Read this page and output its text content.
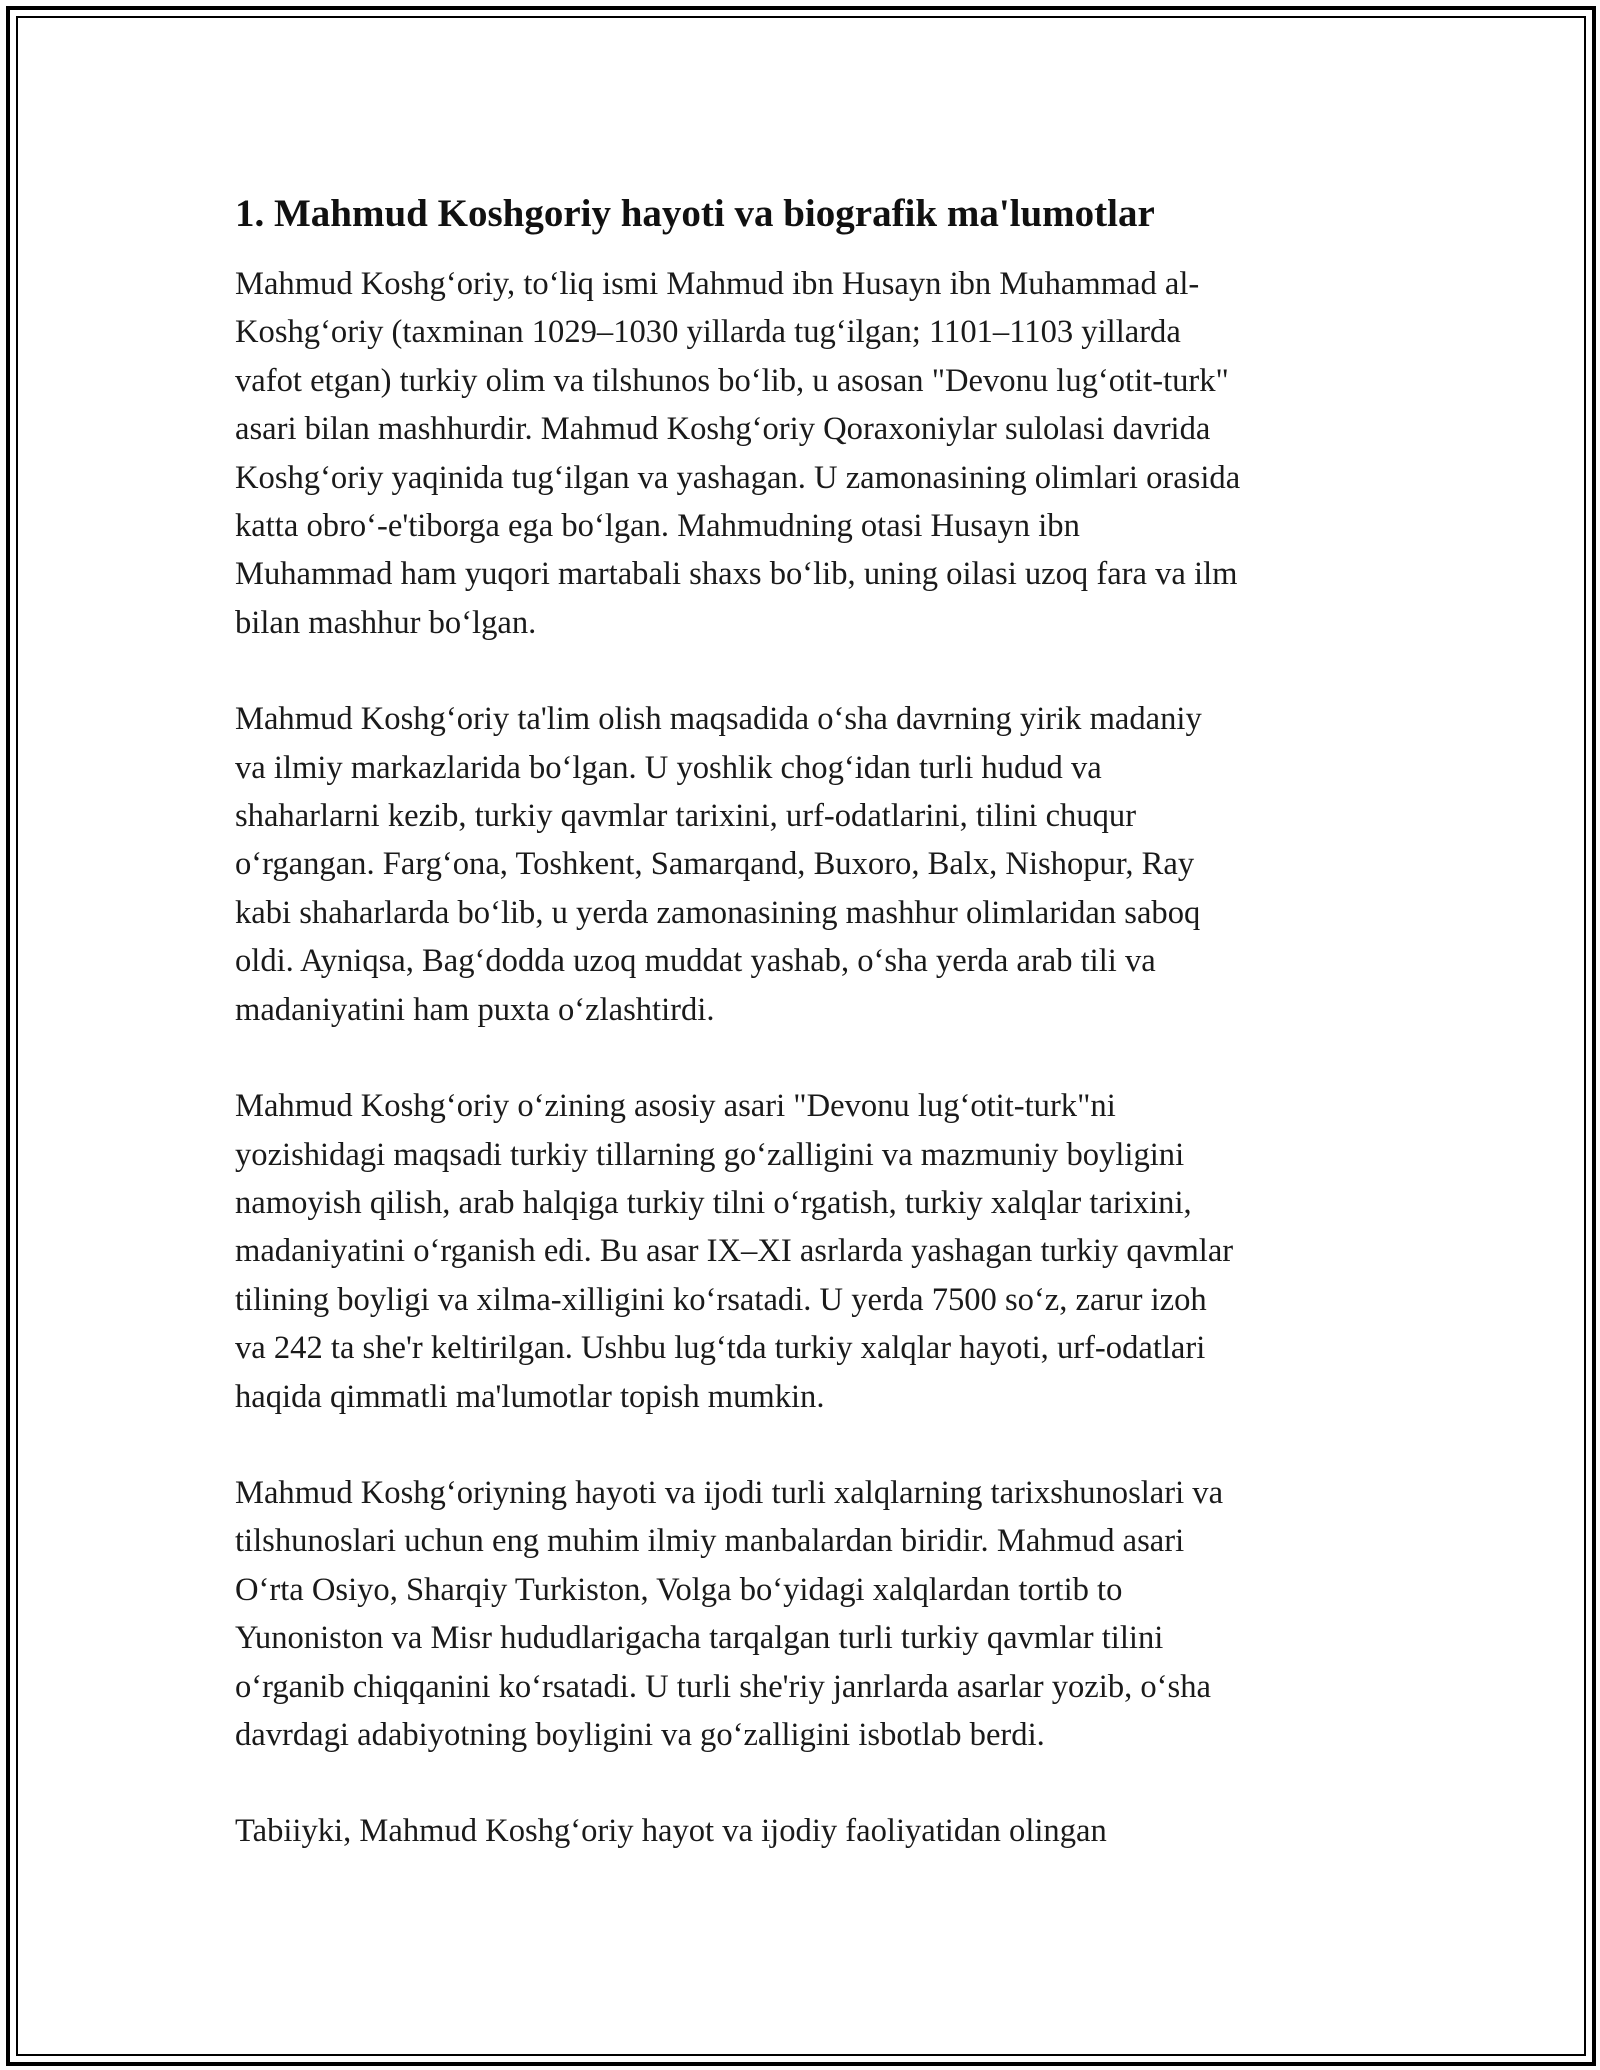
1. Mahmud Koshgoriy hayoti va biografik ma'lumotlar
Mahmud Koshg‘oriy, to‘liq ismi Mahmud ibn Husayn ibn Muhammad al-
Koshg‘oriy (taxminan 1029–1030 yillarda tug‘ilgan; 1101–1103 yillarda
vafot etgan) turkiy olim va tilshunos bo‘lib, u asosan "Devonu lug‘otit-turk"
asari bilan mashhurdir. Mahmud Koshg‘oriy Qoraxoniylar sulolasi davrida
Koshg‘oriy yaqinida tug‘ilgan va yashagan. U zamonasining olimlari orasida
katta obro‘-e'tiborga ega bo‘lgan. Mahmudning otasi Husayn ibn
Muhammad ham yuqori martabali shaxs bo‘lib, uning oilasi uzoq fara va ilm
bilan mashhur bo‘lgan.
Mahmud Koshg‘oriy ta'lim olish maqsadida o‘sha davrning yirik madaniy
va ilmiy markazlarida bo‘lgan. U yoshlik chog‘idan turli hudud va
shaharlarni kezib, turkiy qavmlar tarixini, urf-odatlarini, tilini chuqur
o‘rgangan. Farg‘ona, Toshkent, Samarqand, Buxoro, Balx, Nishopur, Ray
kabi shaharlarda bo‘lib, u yerda zamonasining mashhur olimlaridan saboq
oldi. Ayniqsa, Bag‘dodda uzoq muddat yashab, o‘sha yerda arab tili va
madaniyatini ham puxta o‘zlashtirdi.
Mahmud Koshg‘oriy o‘zining asosiy asari "Devonu lug‘otit-turk"ni
yozishidagi maqsadi turkiy tillarning go‘zalligini va mazmuniy boyligini
namoyish qilish, arab halqiga turkiy tilni o‘rgatish, turkiy xalqlar tarixini,
madaniyatini o‘rganish edi. Bu asar IX–XI asrlarda yashagan turkiy qavmlar
tilining boyligi va xilma-xilligini ko‘rsatadi. U yerda 7500 so‘z, zarur izoh
va 242 ta she'r keltirilgan. Ushbu lug‘tda turkiy xalqlar hayoti, urf-odatlari
haqida qimmatli ma'lumotlar topish mumkin.
Mahmud Koshg‘oriyning hayoti va ijodi turli xalqlarning tarixshunoslari va
tilshunoslari uchun eng muhim ilmiy manbalardan biridir. Mahmud asari
O‘rta Osiyo, Sharqiy Turkiston, Volga bo‘yidagi xalqlardan tortib to
Yunoniston va Misr hududlarigacha tarqalgan turli turkiy qavmlar tilini
o‘rganib chiqqanini ko‘rsatadi. U turli she'riy janrlarda asarlar yozib, o‘sha
davrdagi adabiyotning boyligini va go‘zalligini isbotlab berdi.
Tabiiyki, Mahmud Koshg‘oriy hayot va ijodiy faoliyatidan olingan
